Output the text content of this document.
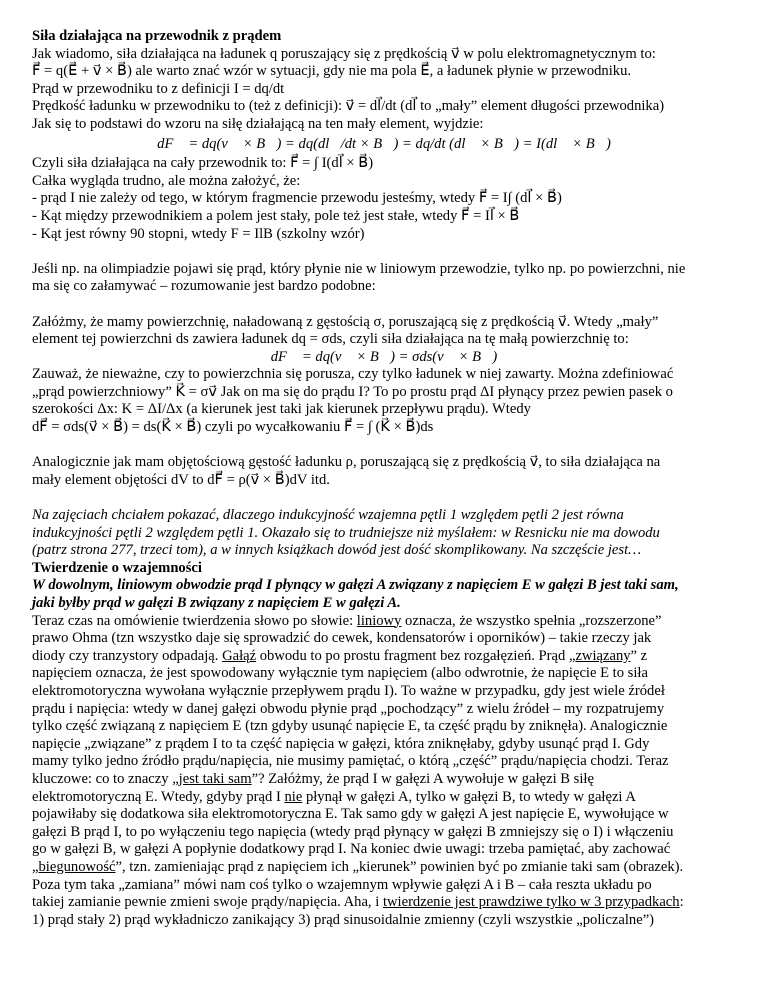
Siła działająca na przewodnik z prądem

Jak wiadomo, siła działająca na ładunek q poruszający się z prędkością v⃗ w polu elektromagnetycznym to:

F⃗ = q(E⃗ + v⃗ × B⃗) ale warto znać wzór w sytuacji, gdy nie ma pola E⃗, a ładunek płynie w przewodniku.

Prąd w przewodniku to z definicji I = dq/dt

Prędkość ładunku w przewodniku to (też z definicji): v⃗ = dl⃗/dt (dl⃗ to „mały” element długości przewodnika)

Jak się to podstawi do wzoru na siłę działającą na ten mały element, wyjdzie:

dF⃗ = dq(v⃗ × B⃗) = dq(dl⃗/dt × B⃗) = dq/dt (dl⃗ × B⃗) = I(dl⃗ × B⃗)

Czyli siła działająca na cały przewodnik to: F⃗ = ∫ I(dl⃗ × B⃗)

Całka wygląda trudno, ale można założyć, że:

- prąd I nie zależy od tego, w którym fragmencie przewodu jesteśmy, wtedy F⃗ = I∫ (dl⃗ × B⃗)

- Kąt między przewodnikiem a polem jest stały, pole też jest stałe, wtedy F⃗ = Il⃗ × B⃗

- Kąt jest równy 90 stopni, wtedy F = IlB (szkolny wzór)

Jeśli np. na olimpiadzie pojawi się prąd, który płynie nie w liniowym przewodzie, tylko np. po powierzchni, nie

ma się co załamywać – rozumowanie jest bardzo podobne:

Załóżmy, że mamy powierzchnię, naładowaną z gęstością σ, poruszającą się z prędkością v⃗. Wtedy „mały”

element tej powierzchni ds zawiera ładunek dq = σds, czyli siła działająca na tę małą powierzchnię to:

dF⃗ = dq(v⃗ × B⃗) = σds(v⃗ × B⃗)

Zauważ, że nieważne, czy to powierzchnia się porusza, czy tylko ładunek w niej zawarty. Można zdefiniować

„prąd powierzchniowy” K⃗ = σv⃗ Jak on ma się do prądu I? To po prostu prąd ΔI płynący przez pewien pasek o

szerokości Δx: K = ΔI/Δx (a kierunek jest taki jak kierunek przepływu prądu). Wtedy

dF⃗ = σds(v⃗ × B⃗) = ds(K⃗ × B⃗) czyli po wycałkowaniu F⃗ = ∫ (K⃗ × B⃗)ds

Analogicznie jak mam objętościową gęstość ładunku ρ, poruszającą się z prędkością v⃗, to siła działająca na

mały element objętości dV to dF⃗ = ρ(v⃗ × B⃗)dV itd.

Na zajęciach chciałem pokazać, dlaczego indukcyjność wzajemna pętli 1 względem pętli 2 jest równa

indukcyjności pętli 2 względem pętli 1. Okazało się to trudniejsze niż myślałem: w Resnicku nie ma dowodu

(patrz strona 277, trzeci tom), a w innych książkach dowód jest dość skomplikowany. Na szczęście jest…

Twierdzenie o wzajemności

W dowolnym, liniowym obwodzie prąd I płynący w gałęzi A związany z napięciem E w gałęzi B jest taki sam,

jaki byłby prąd w gałęzi B związany z napięciem E w gałęzi A.

Teraz czas na omówienie twierdzenia słowo po słowie: liniowy oznacza, że wszystko spełnia „rozszerzone”

prawo Ohma (tzn wszystko daje się sprowadzić do cewek, kondensatorów i oporników) – takie rzeczy jak

diody czy tranzystory odpadają. Gałąź obwodu to po prostu fragment bez rozgałęzień. Prąd „związany” z

napięciem oznacza, że jest spowodowany wyłącznie tym napięciem (albo odwrotnie, że napięcie E to siła

elektromotoryczna wywołana wyłącznie przepływem prądu I). To ważne w przypadku, gdy jest wiele źródeł

prądu i napięcia: wtedy w danej gałęzi obwodu płynie prąd „pochodzący” z wielu źródeł – my rozpatrujemy

tylko część związaną z napięciem E (tzn gdyby usunąć napięcie E, ta część prądu by zniknęła). Analogicznie

napięcie „związane” z prądem I to ta część napięcia w gałęzi, która zniknęłaby, gdyby usunąć prąd I. Gdy

mamy tylko jedno źródło prądu/napięcia, nie musimy pamiętać, o którą „część” prądu/napięcia chodzi. Teraz

kluczowe: co to znaczy „jest taki sam”? Załóżmy, że prąd I w gałęzi A wywołuje w gałęzi B siłę

elektromotoryczną E. Wtedy, gdyby prąd I nie płynął w gałęzi A, tylko w gałęzi B, to wtedy w gałęzi A

pojawiłaby się dodatkowa siła elektromotoryczna E. Tak samo gdy w gałęzi A jest napięcie E, wywołujące w

gałęzi B prąd I, to po wyłączeniu tego napięcia (wtedy prąd płynący w gałęzi B zmniejszy się o I) i włączeniu

go w gałęzi B, w gałęzi A popłynie dodatkowy prąd I. Na koniec dwie uwagi: trzeba pamiętać, aby zachować

„biegunowość”, tzn. zamieniając prąd z napięciem ich „kierunek” powinien być po zmianie taki sam (obrazek).

Poza tym taka „zamiana” mówi nam coś tylko o wzajemnym wpływie gałęzi A i B – cała reszta układu po

takiej zamianie pewnie zmieni swoje prądy/napięcia. Aha, i twierdzenie jest prawdziwe tylko w 3 przypadkach:

1) prąd stały 2) prąd wykładniczo zanikający 3) prąd sinusoidalnie zmienny (czyli wszystkie „policzalne”)
